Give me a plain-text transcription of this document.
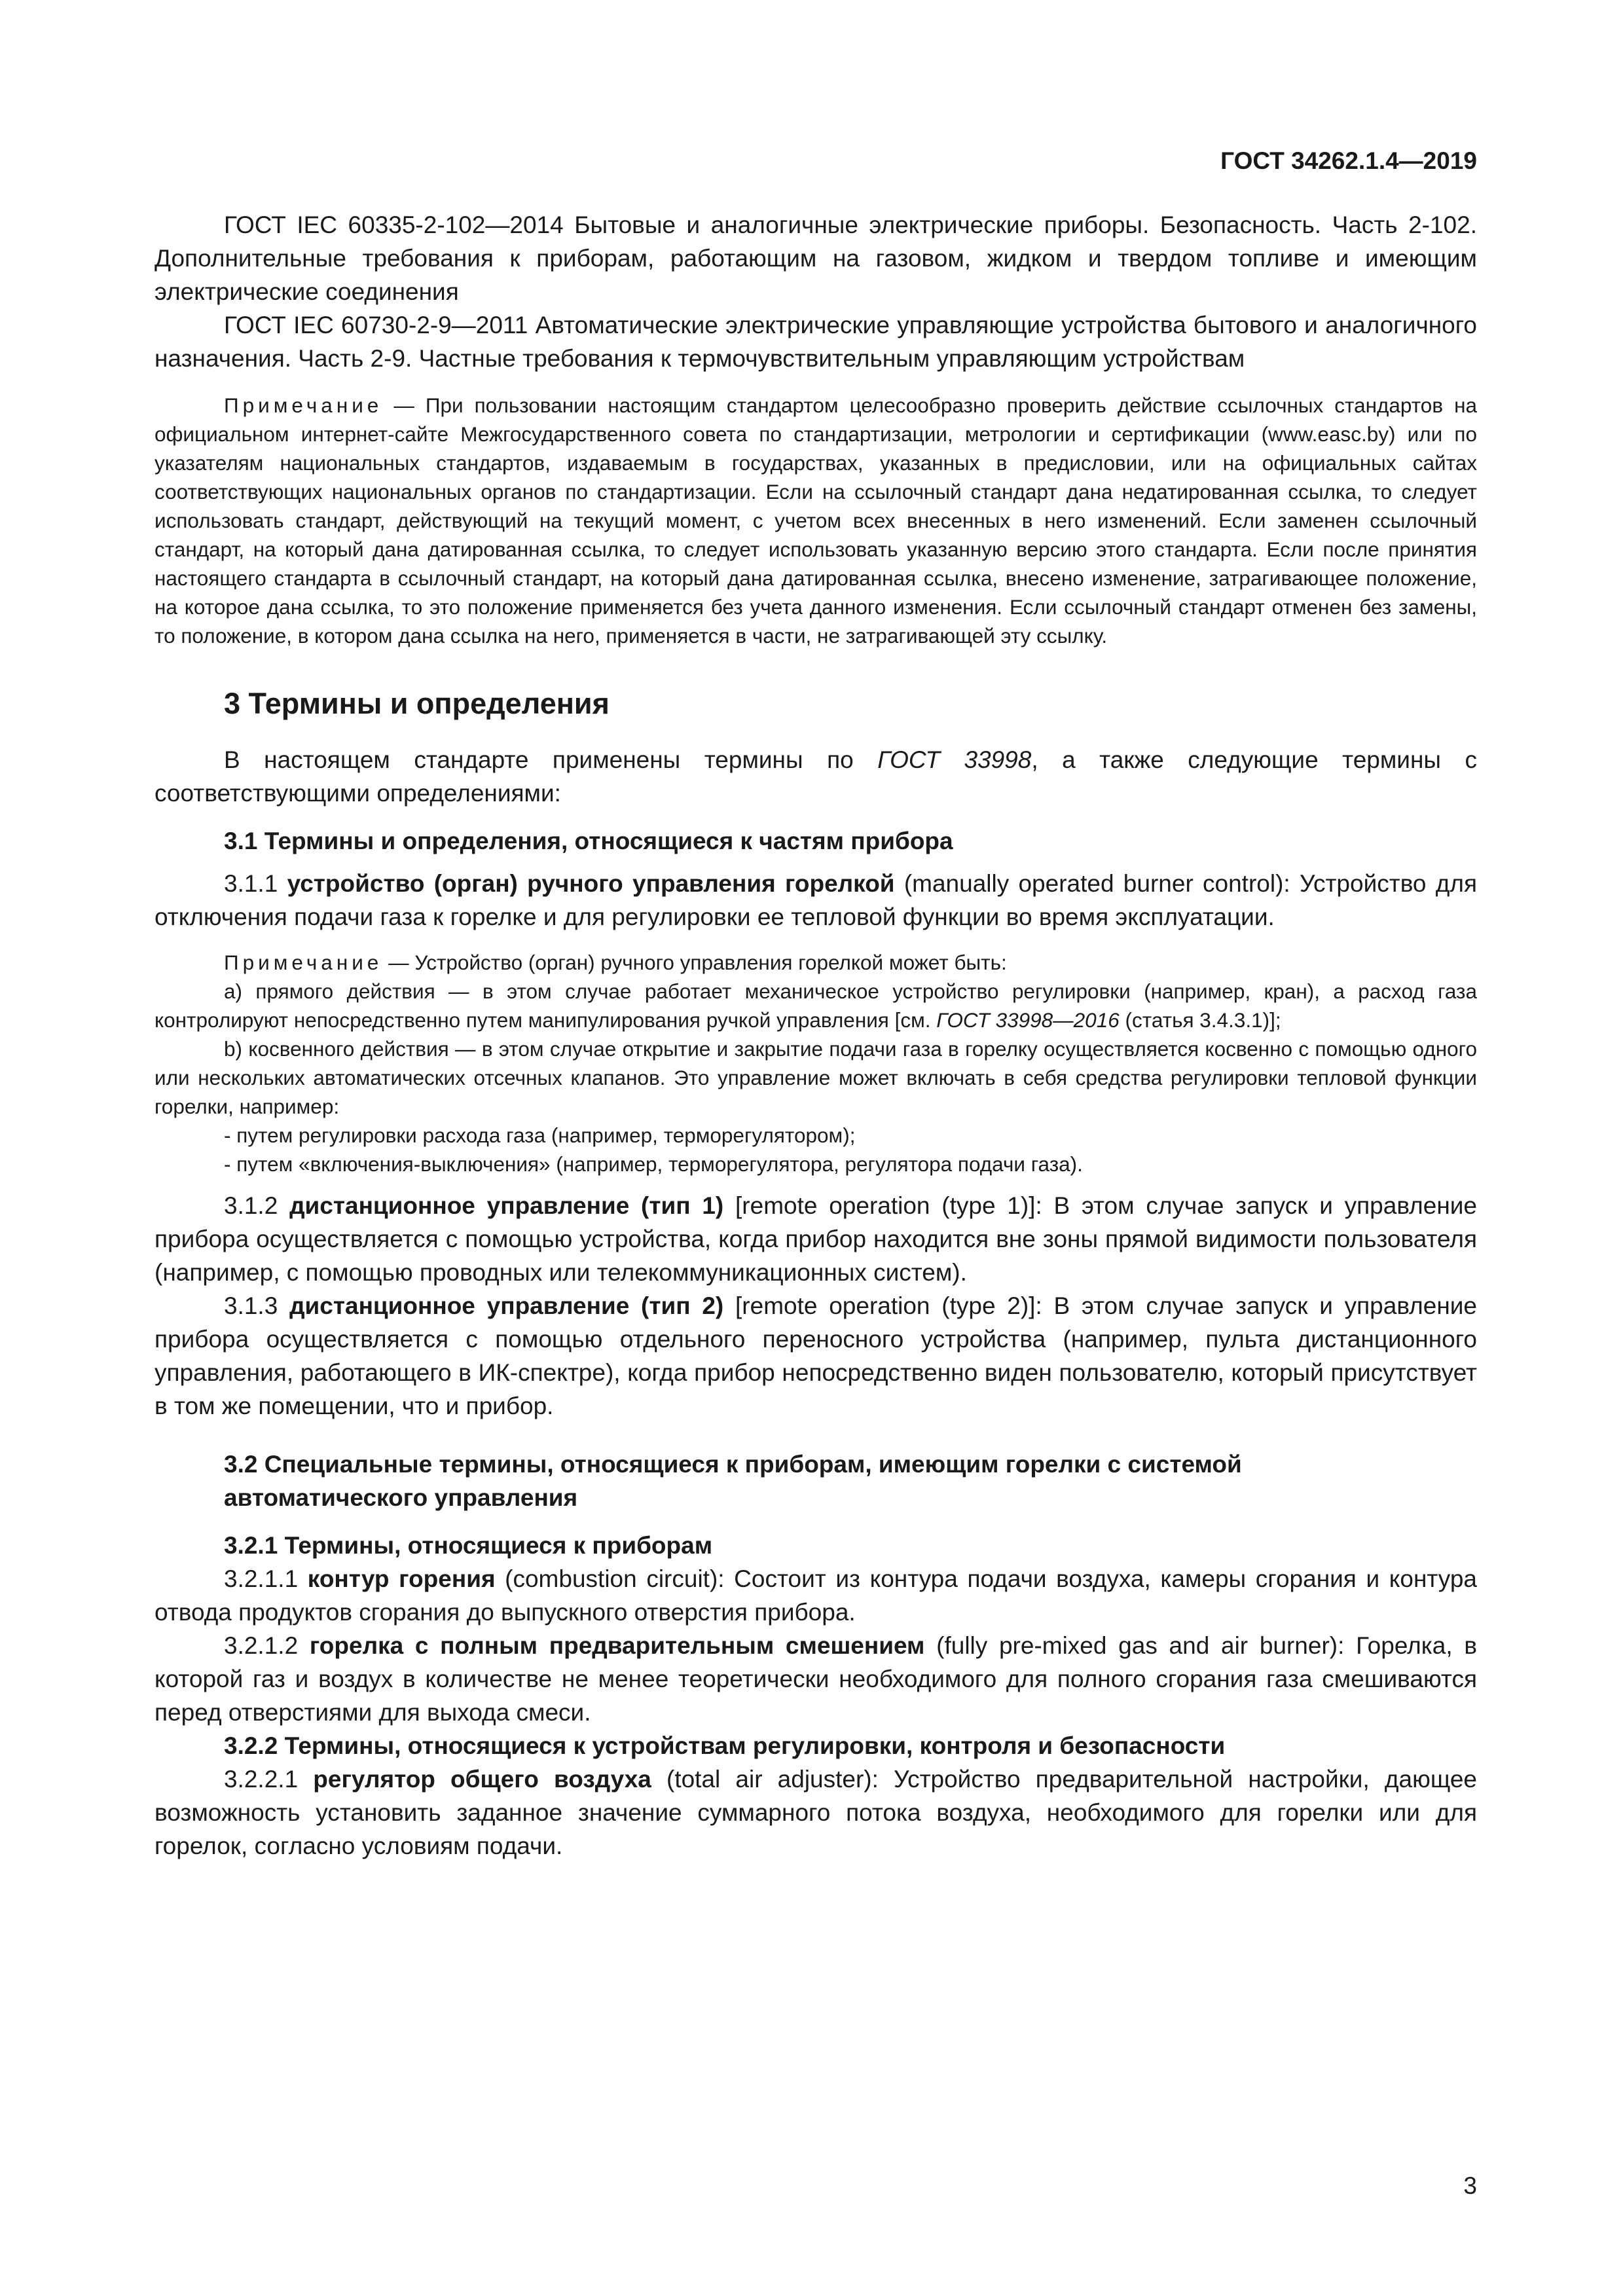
ГОСТ 34262.1.4—2019

ГОСТ IEC 60335-2-102—2014 Бытовые и аналогичные электрические приборы. Безопасность. Часть 2-102. Дополнительные требования к приборам, работающим на газовом, жидком и твердом топливе и имеющим электрические соединения

ГОСТ IEC 60730-2-9—2011 Автоматические электрические управляющие устройства бытового и аналогичного назначения. Часть 2-9. Частные требования к термочувствительным управляющим устройствам

Примечание — При пользовании настоящим стандартом целесообразно проверить действие ссылочных стандартов на официальном интернет-сайте Межгосударственного совета по стандартизации, метрологии и сертификации (www.easc.by) или по указателям национальных стандартов, издаваемым в государствах, указанных в предисловии, или на официальных сайтах соответствующих национальных органов по стандартизации. Если на ссылочный стандарт дана недатированная ссылка, то следует использовать стандарт, действующий на текущий момент, с учетом всех внесенных в него изменений. Если заменен ссылочный стандарт, на который дана датированная ссылка, то следует использовать указанную версию этого стандарта. Если после принятия настоящего стандарта в ссылочный стандарт, на который дана датированная ссылка, внесено изменение, затрагивающее положение, на которое дана ссылка, то это положение применяется без учета данного изменения. Если ссылочный стандарт отменен без замены, то положение, в котором дана ссылка на него, применяется в части, не затрагивающей эту ссылку.

3 Термины и определения

В настоящем стандарте применены термины по ГОСТ 33998, а также следующие термины с соответствующими определениями:

3.1 Термины и определения, относящиеся к частям прибора

3.1.1 устройство (орган) ручного управления горелкой (manually operated burner control): Устройство для отключения подачи газа к горелке и для регулировки ее тепловой функции во время эксплуатации.

Примечание — Устройство (орган) ручного управления горелкой может быть:

a) прямого действия — в этом случае работает механическое устройство регулировки (например, кран), а расход газа контролируют непосредственно путем манипулирования ручкой управления [см. ГОСТ 33998—2016 (статья 3.4.3.1)];

b) косвенного действия — в этом случае открытие и закрытие подачи газа в горелку осуществляется косвенно с помощью одного или нескольких автоматических отсечных клапанов. Это управление может включать в себя средства регулировки тепловой функции горелки, например:

- путем регулировки расхода газа (например, терморегулятором);

- путем «включения-выключения» (например, терморегулятора, регулятора подачи газа).

3.1.2 дистанционное управление (тип 1) [remote operation (type 1)]: В этом случае запуск и управление прибора осуществляется с помощью устройства, когда прибор находится вне зоны прямой видимости пользователя (например, с помощью проводных или телекоммуникационных систем).

3.1.3 дистанционное управление (тип 2) [remote operation (type 2)]: В этом случае запуск и управление прибора осуществляется с помощью отдельного переносного устройства (например, пульта дистанционного управления, работающего в ИК-спектре), когда прибор непосредственно виден пользователю, который присутствует в том же помещении, что и прибор.

3.2 Специальные термины, относящиеся к приборам, имеющим горелки с системой
автоматического управления
3.2.1 Термины, относящиеся к приборам

3.2.1.1 контур горения (combustion circuit): Состоит из контура подачи воздуха, камеры сгорания и контура отвода продуктов сгорания до выпускного отверстия прибора.

3.2.1.2 горелка с полным предварительным смешением (fully pre-mixed gas and air burner): Горелка, в которой газ и воздух в количестве не менее теоретически необходимого для полного сгорания газа смешиваются перед отверстиями для выхода смеси.

3.2.2 Термины, относящиеся к устройствам регулировки, контроля и безопасности

3.2.2.1 регулятор общего воздуха (total air adjuster): Устройство предварительной настройки, дающее возможность установить заданное значение суммарного потока воздуха, необходимого для горелки или для горелок, согласно условиям подачи.

3
